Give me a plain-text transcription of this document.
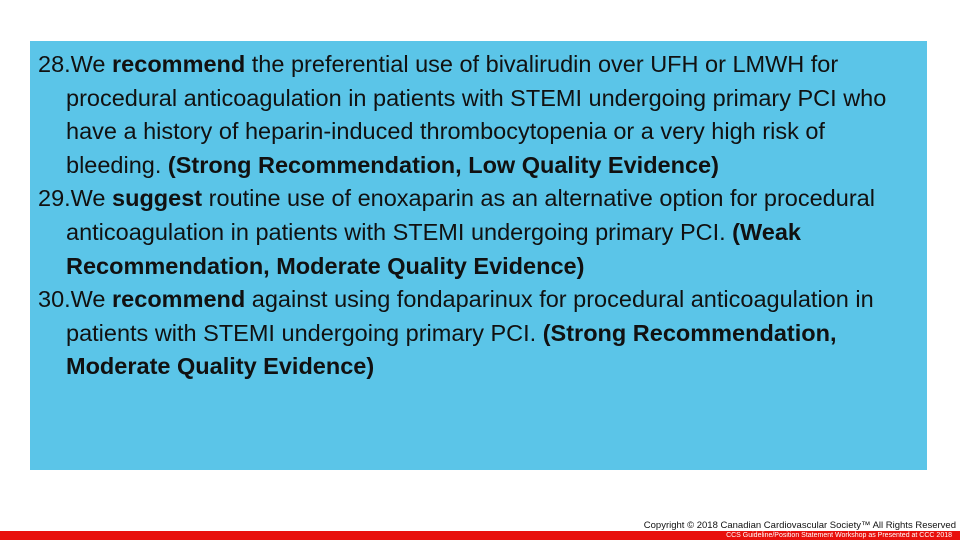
28.We recommend the preferential use of bivalirudin over UFH or LMWH for procedural anticoagulation in patients with STEMI undergoing primary PCI who have a history of heparin-induced thrombocytopenia or a very high risk of bleeding. (Strong Recommendation, Low Quality Evidence)
29.We suggest routine use of enoxaparin as an alternative option for procedural anticoagulation in patients with STEMI undergoing primary PCI. (Weak Recommendation, Moderate Quality Evidence)
30.We recommend against using fondaparinux for procedural anticoagulation in patients with STEMI undergoing primary PCI. (Strong Recommendation, Moderate Quality Evidence)
Copyright © 2018 Canadian Cardiovascular Society™ All Rights Reserved
CCS Guideline/Position Statement Workshop as Presented at CCC 2018
